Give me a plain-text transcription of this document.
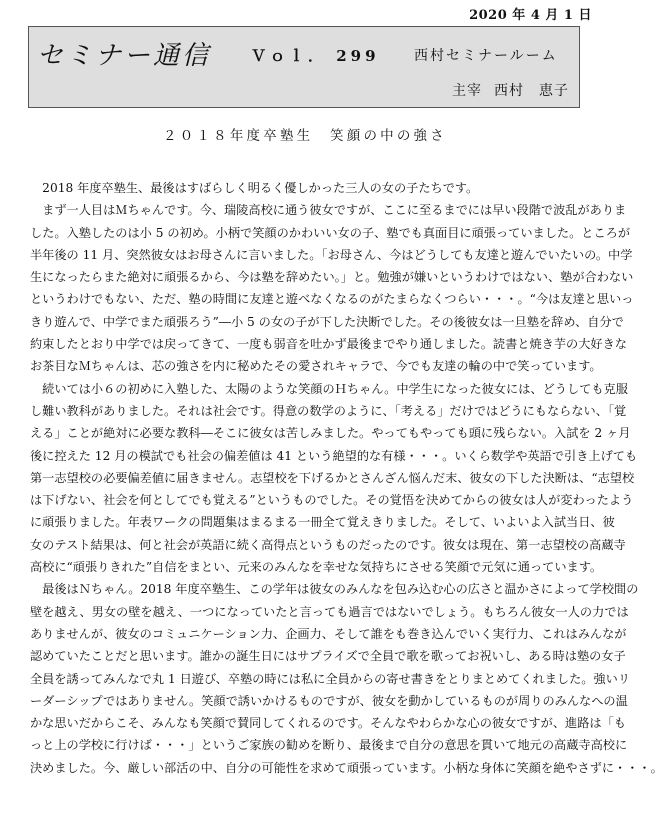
2020 年 4 月 1 日
セミナー通信	Ｖｏｌ． 299 西村セミナールーム
主宰 西村　恵子
２０１８年度卒塾生　笑顔の中の強さ
　2018 年度卒塾生、最後はすばらしく明るく優しかった三人の女の子たちです。
　まず一人目はＭちゃんです。今、瑞陵高校に通う彼女ですが、ここに至るまでには早い段階で波乱がありま
した。入塾したのは小 5 の初め。小柄で笑顔のかわいい女の子、塾でも真面目に頑張っていました。ところが
半年後の 11 月、突然彼女はお母さんに言いました。「お母さん、今はどうしても友達と遊んでいたいの。中学
生になったらまた絶対に頑張るから、今は塾を辞めたい。」と。勉強が嫌いというわけではない、塾が合わない
というわけでもない、ただ、塾の時間に友達と遊べなくなるのがたまらなくつらい・・・。“今は友達と思いっ
きり遊んで、中学でまた頑張ろう”―小 5 の女の子が下した決断でした。その後彼女は一旦塾を辞め、自分で
約束したとおり中学では戻ってきて、一度も弱音を吐かず最後までやり通しました。読書と焼き芋の大好きな
お茶目なＭちゃんは、芯の強さを内に秘めたその愛されキャラで、今でも友達の輪の中で笑っています。
　続いては小６の初めに入塾した、太陽のような笑顔のＨちゃん。中学生になった彼女には、どうしても克服
し難い教科がありました。それは社会です。得意の数学のように、「考える」だけではどうにもならない、「覚
える」ことが絶対に必要な教科―そこに彼女は苦しみました。やってもやっても頭に残らない。入試を 2 ヶ月
後に控えた 12 月の模試でも社会の偏差値は 41 という絶望的な有様・・・。いくら数学や英語で引き上げても
第一志望校の必要偏差値に届きません。志望校を下げるかとさんざん悩んだ末、彼女の下した決断は、“志望校
は下げない、社会を何としてでも覚える”というものでした。その覚悟を決めてからの彼女は人が変わったよう
に頑張りました。年表ワークの問題集はまるまる一冊全て覚えきりました。そして、いよいよ入試当日、彼
女のテスト結果は、何と社会が英語に続く高得点というものだったのです。彼女は現在、第一志望校の高蔵寺
高校に“頑張りきれた”自信をまとい、元来のみんなを幸せな気持ちにさせる笑顔で元気に通っています。
　最後はＮちゃん。2018 年度卒塾生、この学年は彼女のみんなを包み込む心の広さと温かさによって学校間の
壁を越え、男女の壁を越え、一つになっていたと言っても過言ではないでしょう。もちろん彼女一人の力では
ありませんが、彼女のコミュニケーション力、企画力、そして誰をも巻き込んでいく実行力、これはみんなが
認めていたことだと思います。誰かの誕生日にはサプライズで全員で歌を歌ってお祝いし、ある時は塾の女子
全員を誘ってみんなで丸 1 日遊び、卒塾の時には私に全員からの寄せ書きをとりまとめてくれました。強いリ
ーダーシップではありません。笑顔で誘いかけるものですが、彼女を動かしているものが周りのみんなへの温
かな思いだからこそ、みんなも笑顔で賛同してくれるのです。そんなやわらかな心の彼女ですが、進路は「も
っと上の学校に行けば・・・」というご家族の勧めを断り、最後まで自分の意思を貫いて地元の高蔵寺高校に
決めました。今、厳しい部活の中、自分の可能性を求めて頑張っています。小柄な身体に笑顔を絶やさずに・・・。
